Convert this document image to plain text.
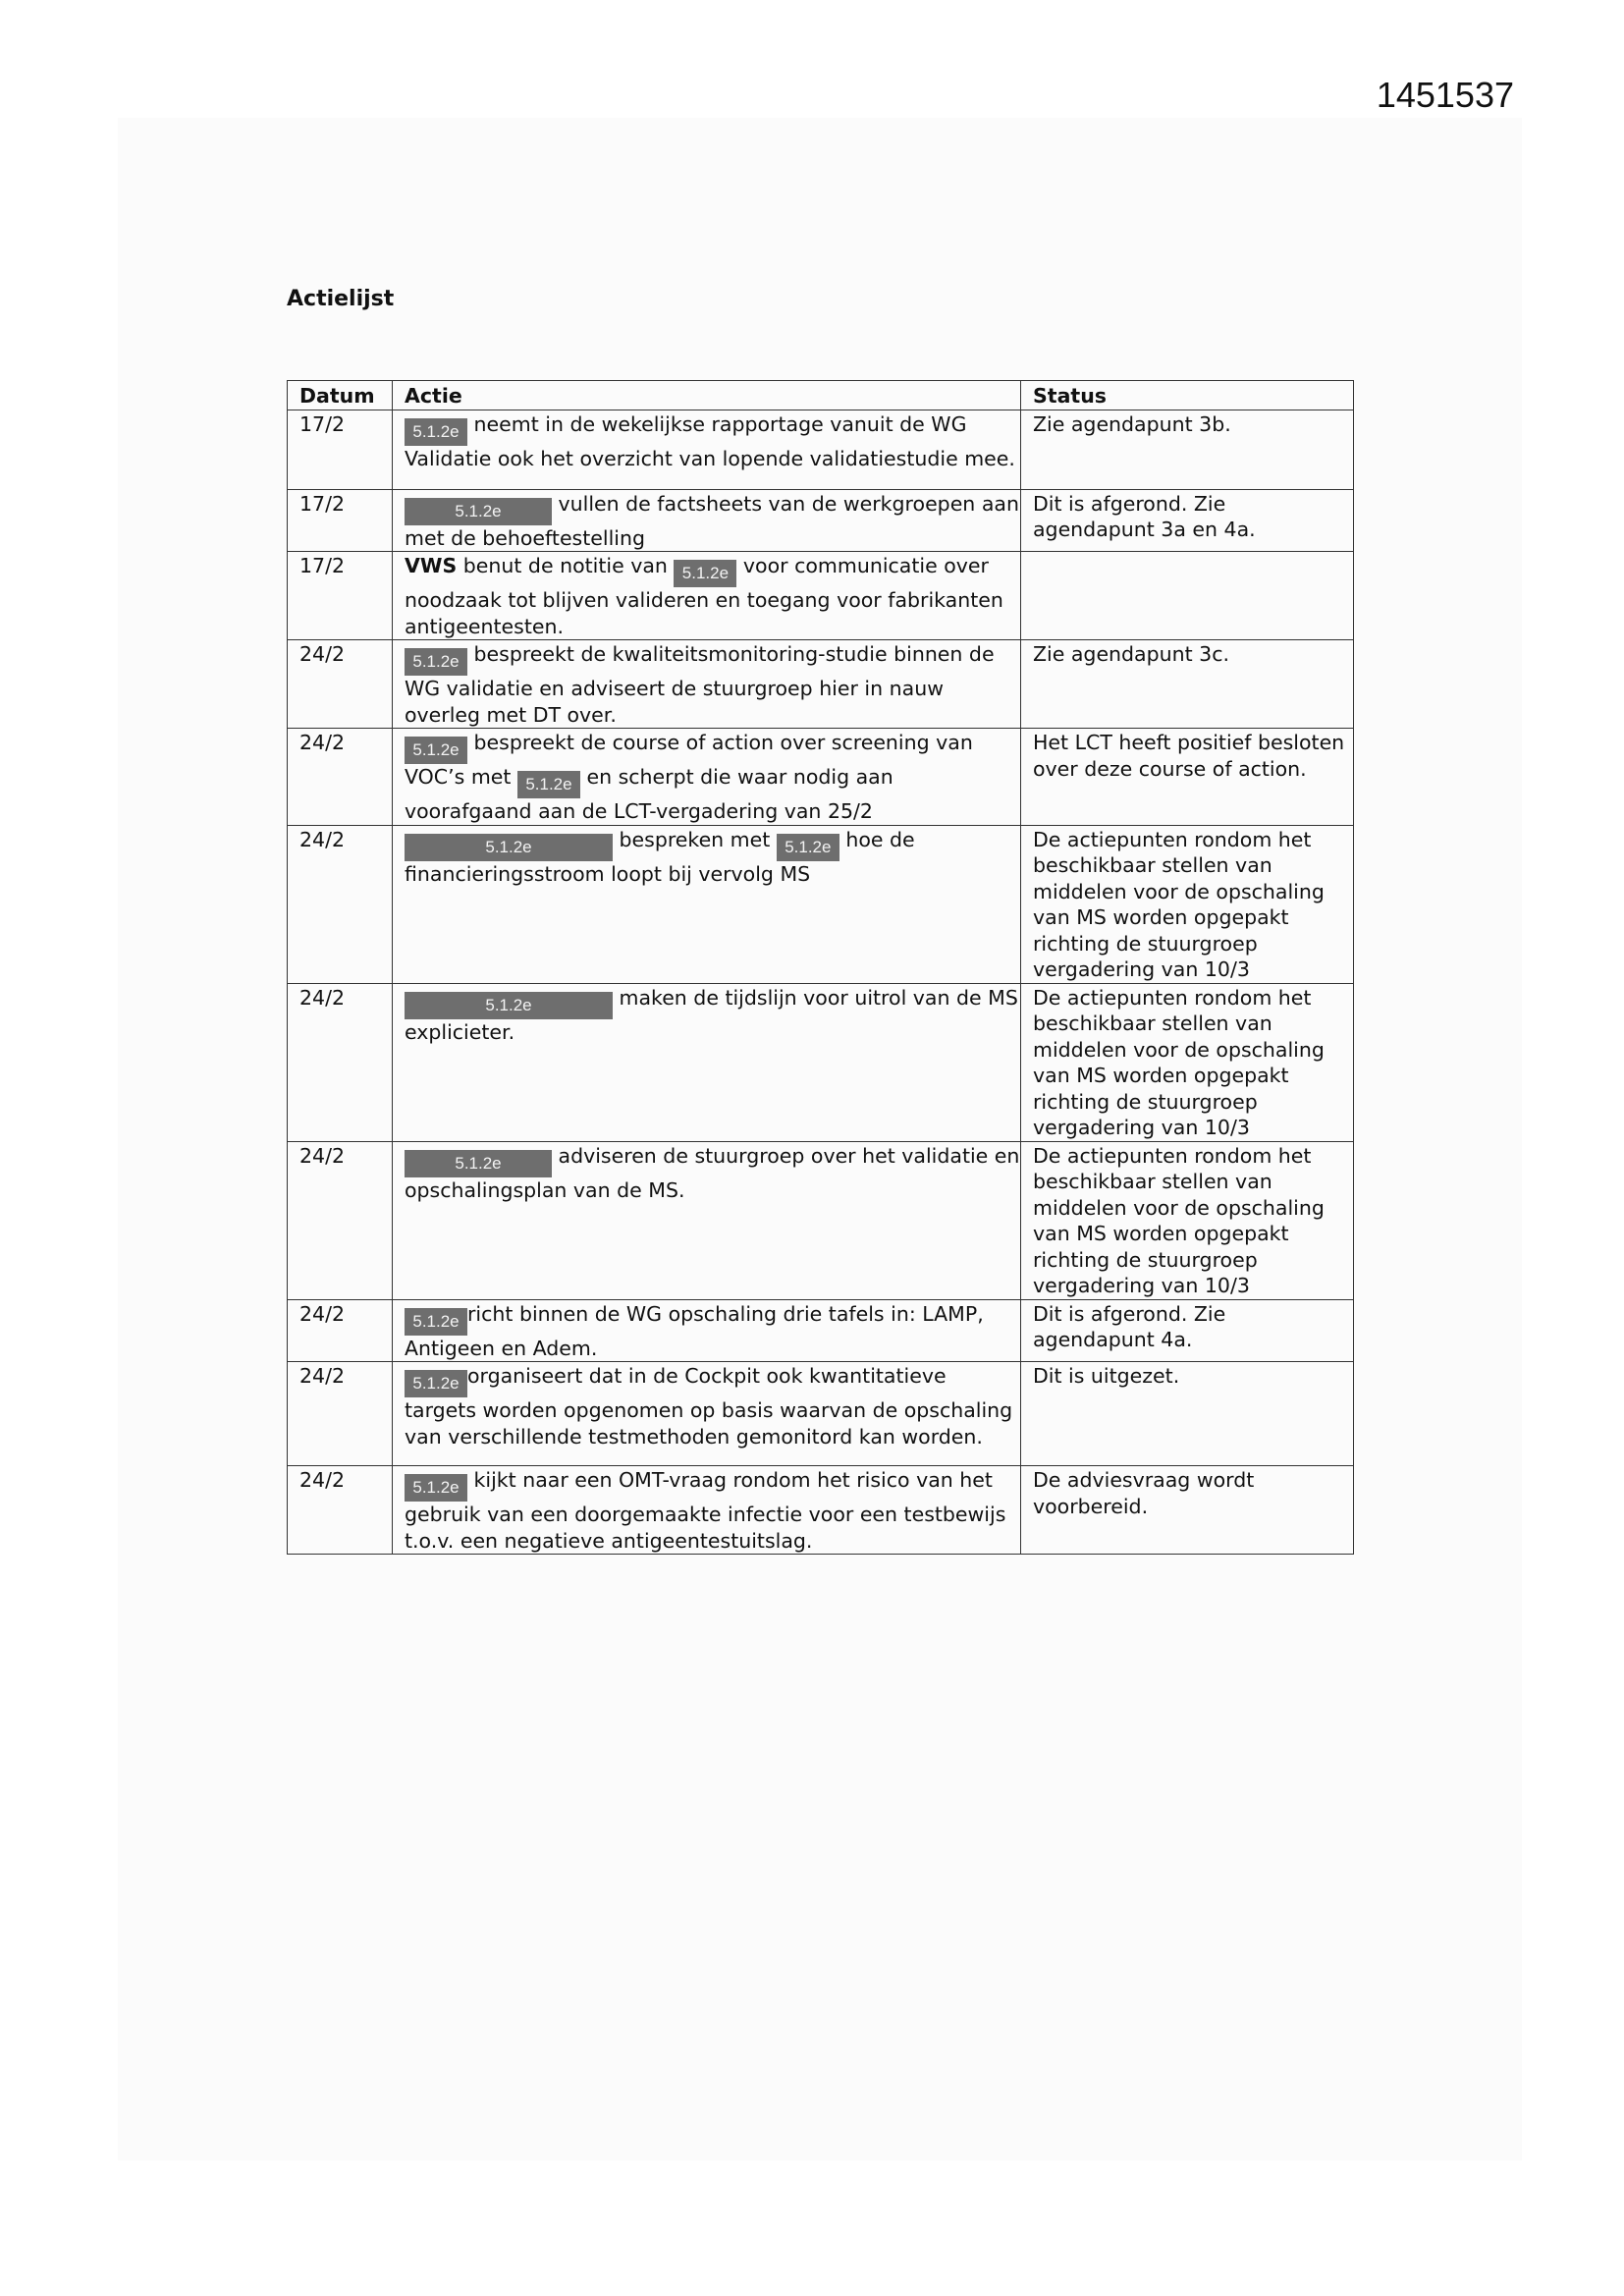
1451537
Actielijst
Datum	Actie	Status
17/2	5.1.2e neemt in de wekelijkse rapportage vanuit de WG Validatie ook het overzicht van lopende validatiestudie mee.	Zie agendapunt 3b.
17/2	5.1.2e vullen de factsheets van de werkgroepen aan met de behoeftestelling	Dit is afgerond. Zie agendapunt 3a en 4a.
17/2	VWS benut de notitie van 5.1.2e voor communicatie over noodzaak tot blijven valideren en toegang voor fabrikanten antigeentesten.	
24/2	5.1.2e bespreekt de kwaliteitsmonitoring-studie binnen de WG validatie en adviseert de stuurgroep hier in nauw overleg met DT over.	Zie agendapunt 3c.
24/2	5.1.2e bespreekt de course of action over screening van VOC’s met 5.1.2e en scherpt die waar nodig aan voorafgaand aan de LCT-vergadering van 25/2	Het LCT heeft positief besloten over deze course of action.
24/2	5.1.2e bespreken met 5.1.2e hoe de financieringsstroom loopt bij vervolg MS	De actiepunten rondom het beschikbaar stellen van middelen voor de opschaling van MS worden opgepakt richting de stuurgroep vergadering van 10/3
24/2	5.1.2e maken de tijdslijn voor uitrol van de MS explicieter.	De actiepunten rondom het beschikbaar stellen van middelen voor de opschaling van MS worden opgepakt richting de stuurgroep vergadering van 10/3
24/2	5.1.2e adviseren de stuurgroep over het validatie en opschalingsplan van de MS.	De actiepunten rondom het beschikbaar stellen van middelen voor de opschaling van MS worden opgepakt richting de stuurgroep vergadering van 10/3
24/2	5.1.2e richt binnen de WG opschaling drie tafels in: LAMP, Antigeen en Adem.	Dit is afgerond. Zie agendapunt 4a.
24/2	5.1.2e organiseert dat in de Cockpit ook kwantitatieve targets worden opgenomen op basis waarvan de opschaling van verschillende testmethoden gemonitord kan worden.	Dit is uitgezet.
24/2	5.1.2e kijkt naar een OMT-vraag rondom het risico van het gebruik van een doorgemaakte infectie voor een testbewijs t.o.v. een negatieve antigeentestuitslag.	De adviesvraag wordt voorbereid.
